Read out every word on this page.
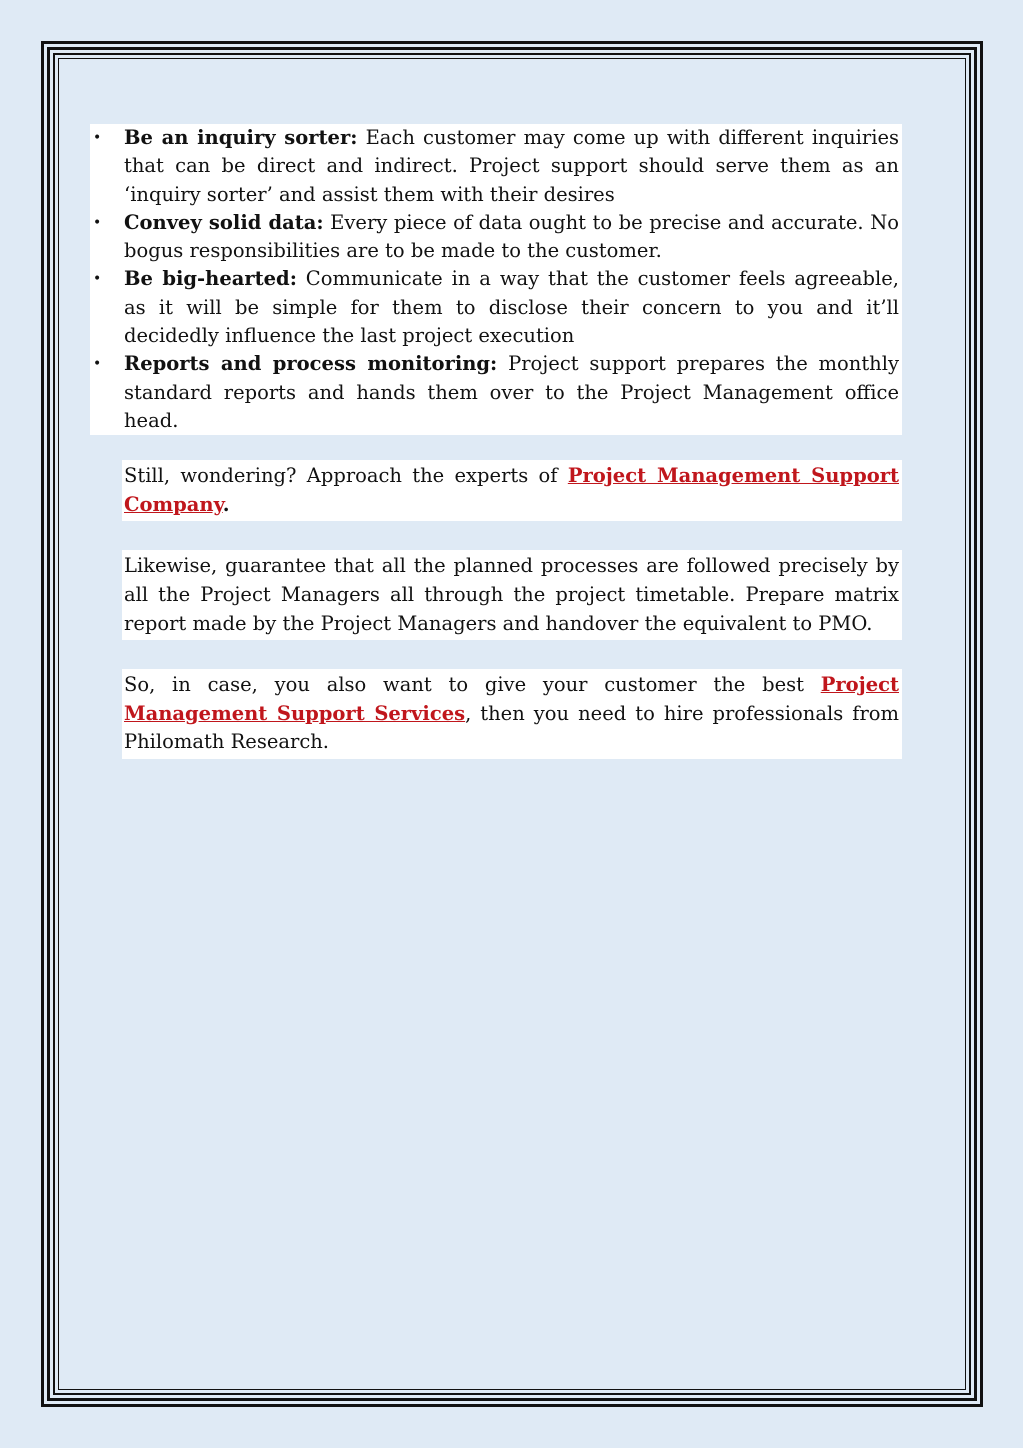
• Be an inquiry sorter: Each customer may come up with different inquiries that can be direct and indirect. Project support should serve them as an ‘inquiry sorter’ and assist them with their desires
• Convey solid data: Every piece of data ought to be precise and accurate. No bogus responsibilities are to be made to the customer.
• Be big-hearted: Communicate in a way that the customer feels agreeable, as it will be simple for them to disclose their concern to you and it’ll decidedly influence the last project execution
• Reports and process monitoring: Project support prepares the monthly standard reports and hands them over to the Project Management office head.
Still, wondering? Approach the experts of Project Management Support Company.
Likewise, guarantee that all the planned processes are followed precisely by all the Project Managers all through the project timetable. Prepare matrix report made by the Project Managers and handover the equivalent to PMO.
So, in case, you also want to give your customer the best Project Management Support Services, then you need to hire professionals from Philomath Research.
